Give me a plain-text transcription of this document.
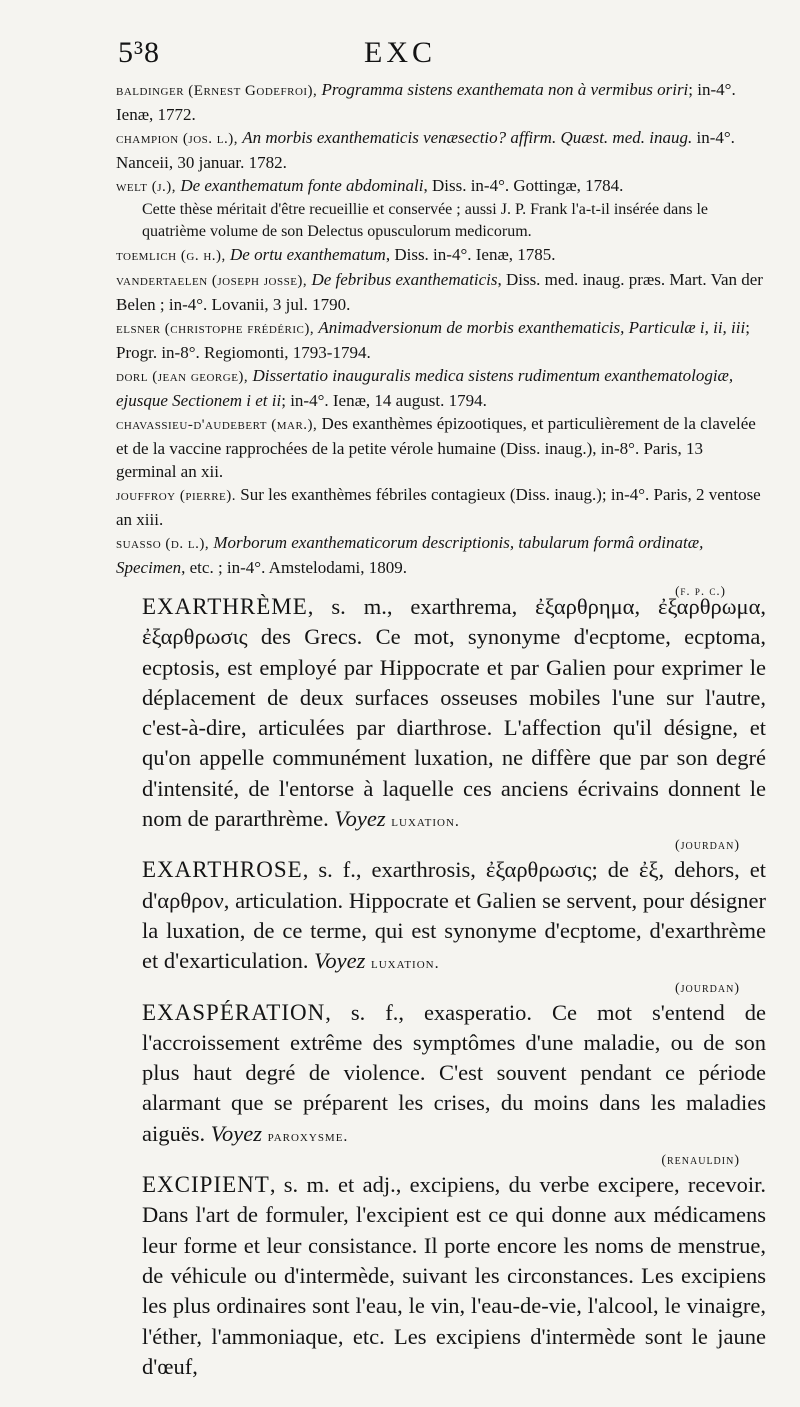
5³8	EXC
baldinger (Ernest Godefroi), Programma sistens exanthemata non à vermibus oriri; in-4°. Ienæ, 1772.
champion (jos. l.), An morbis exanthematicis venæsectio? affirm. Quæst. med. inaug. in-4°. Nanceii, 30 januar. 1782.
welt (j.), De exanthematum fonte abdominali, Diss. in-4°. Gottingæ, 1784.
Cette thèse méritait d'être recueillie et conservée ; aussi J. P. Frank l'a-t-il insérée dans le quatrième volume de son Delectus opusculorum medicorum.
toemlich (g. h.), De ortu exanthematum, Diss. in-4°. Ienæ, 1785.
vandertaelen (joseph josse), De febribus exanthematicis, Diss. med. inaug. præs. Mart. Van der Belen ; in-4°. Lovanii, 3 jul. 1790.
elsner (christophe frédéric), Animadversionum de morbis exanthematicis, Particulæ i, ii, iii; Progr. in-8°. Regiomonti, 1793-1794.
dorl (jean george), Dissertatio inauguralis medica sistens rudimentum exanthematologiæ, ejusque Sectionem i et ii; in-4°. Ienæ, 14 august. 1794.
chavassieu-d'audebert (mar.), Des exanthèmes épizootiques, et particulièrement de la clavelée et de la vaccine rapprochées de la petite vérole humaine (Diss. inaug.), in-8°. Paris, 13 germinal an xii.
jouffroy (pierre). Sur les exanthèmes fébriles contagieux (Diss. inaug.); in-4°. Paris, 2 ventose an xiii.
suasso (d. l.), Morborum exanthematicorum descriptionis, tabularum formâ ordinatæ, Specimen, etc. ; in-4°. Amstelodami, 1809.
(f. p. c.)

EXARTHRÈME, s. m., exarthrema, ἐξαρθρημα, ἐξαρθρωμα, ἐξαρθρωσις des Grecs. Ce mot, synonyme d'ecptome, ecptoma, ecptosis, est employé par Hippocrate et par Galien pour exprimer le déplacement de deux surfaces osseuses mobiles l'une sur l'autre, c'est-à-dire, articulées par diarthrose. L'affection qu'il désigne, et qu'on appelle communément luxation, ne diffère que par son degré d'intensité, de l'entorse à laquelle ces anciens écrivains donnent le nom de pararthrème. Voyez luxation.

(jourdan)

EXARTHROSE, s. f., exarthrosis, ἐξαρθρωσις; de ἐξ, dehors, et d'αρθρον, articulation. Hippocrate et Galien se servent, pour désigner la luxation, de ce terme, qui est synonyme d'ecptome, d'exarthrème et d'exarticulation. Voyez luxation.

(jourdan)

EXASPÉRATION, s. f., exasperatio. Ce mot s'entend de l'accroissement extrême des symptômes d'une maladie, ou de son plus haut degré de violence. C'est souvent pendant ce période alarmant que se préparent les crises, du moins dans les maladies aiguës. Voyez paroxysme.

(renauldin)

EXCIPIENT, s. m. et adj., excipiens, du verbe excipere, recevoir. Dans l'art de formuler, l'excipient est ce qui donne aux médicamens leur forme et leur consistance. Il porte encore les noms de menstrue, de véhicule ou d'intermède, suivant les circonstances. Les excipiens les plus ordinaires sont l'eau, le vin, l'eau-de-vie, l'alcool, le vinaigre, l'éther, l'ammoniaque, etc. Les excipiens d'intermède sont le jaune d'œuf,
